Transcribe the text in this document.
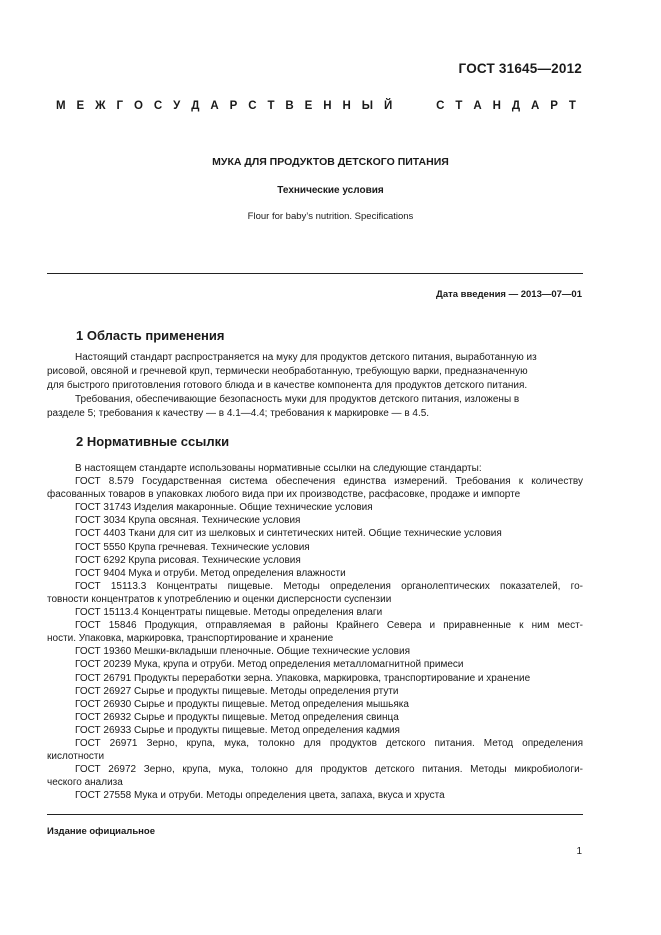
ГОСТ 31645—2012
М Е Ж Г О С У Д А Р С Т В Е Н Н Ы Й	С Т А Н Д А Р Т
МУКА ДЛЯ ПРОДУКТОВ ДЕТСКОГО ПИТАНИЯ
Технические условия
Flour for baby’s nutrition. Specifications
Дата введения — 2013—07—01
1 Область применения
Настоящий стандарт распространяется на муку для продуктов детского питания, выработанную из
рисовой, овсяной и гречневой круп, термически необработанную, требующую варки, предназначенную
для быстрого приготовления готового блюда и в качестве компонента для продуктов детского питания.
Требования, обеспечивающие безопасность муки для продуктов детского питания, изложены в
разделе 5; требования к качеству — в 4.1—4.4; требования к маркировке — в 4.5.
2 Нормативные ссылки
В настоящем стандарте использованы нормативные ссылки на следующие стандарты:
ГОСТ 8.579 Государственная система обеспечения единства измерений. Требования к количеству
фасованных товаров в упаковках любого вида при их производстве, расфасовке, продаже и импорте
ГОСТ 31743 Изделия макаронные. Общие технические условия
ГОСТ 3034 Крупа овсяная. Технические условия
ГОСТ 4403 Ткани для сит из шелковых и синтетических нитей. Общие технические условия
ГОСТ 5550 Крупа гречневая. Технические условия
ГОСТ 6292 Крупа рисовая. Технические условия
ГОСТ 9404 Мука и отруби. Метод определения влажности
ГОСТ 15113.3 Концентраты пищевые. Методы определения органолептических показателей, го-
товности концентратов к употреблению и оценки дисперсности суспензии
ГОСТ 15113.4 Концентраты пищевые. Методы определения влаги
ГОСТ 15846 Продукция, отправляемая в районы Крайнего Севера и приравненные к ним мест-
ности. Упаковка, маркировка, транспортирование и хранение
ГОСТ 19360 Мешки-вкладыши пленочные. Общие технические условия
ГОСТ 20239 Мука, крупа и отруби. Метод определения металломагнитной примеси
ГОСТ 26791 Продукты переработки зерна. Упаковка, маркировка, транспортирование и хранение
ГОСТ 26927 Сырье и продукты пищевые. Методы определения ртути
ГОСТ 26930 Сырье и продукты пищевые. Метод определения мышьяка
ГОСТ 26932 Сырье и продукты пищевые. Метод определения свинца
ГОСТ 26933 Сырье и продукты пищевые. Метод определения кадмия
ГОСТ 26971 Зерно, крупа, мука, толокно для продуктов детского питания. Метод определения
кислотности
ГОСТ 26972 Зерно, крупа, мука, толокно для продуктов детского питания. Методы микробиологи-
ческого анализа
ГОСТ 27558 Мука и отруби. Методы определения цвета, запаха, вкуса и хруста
Издание официальное
1
